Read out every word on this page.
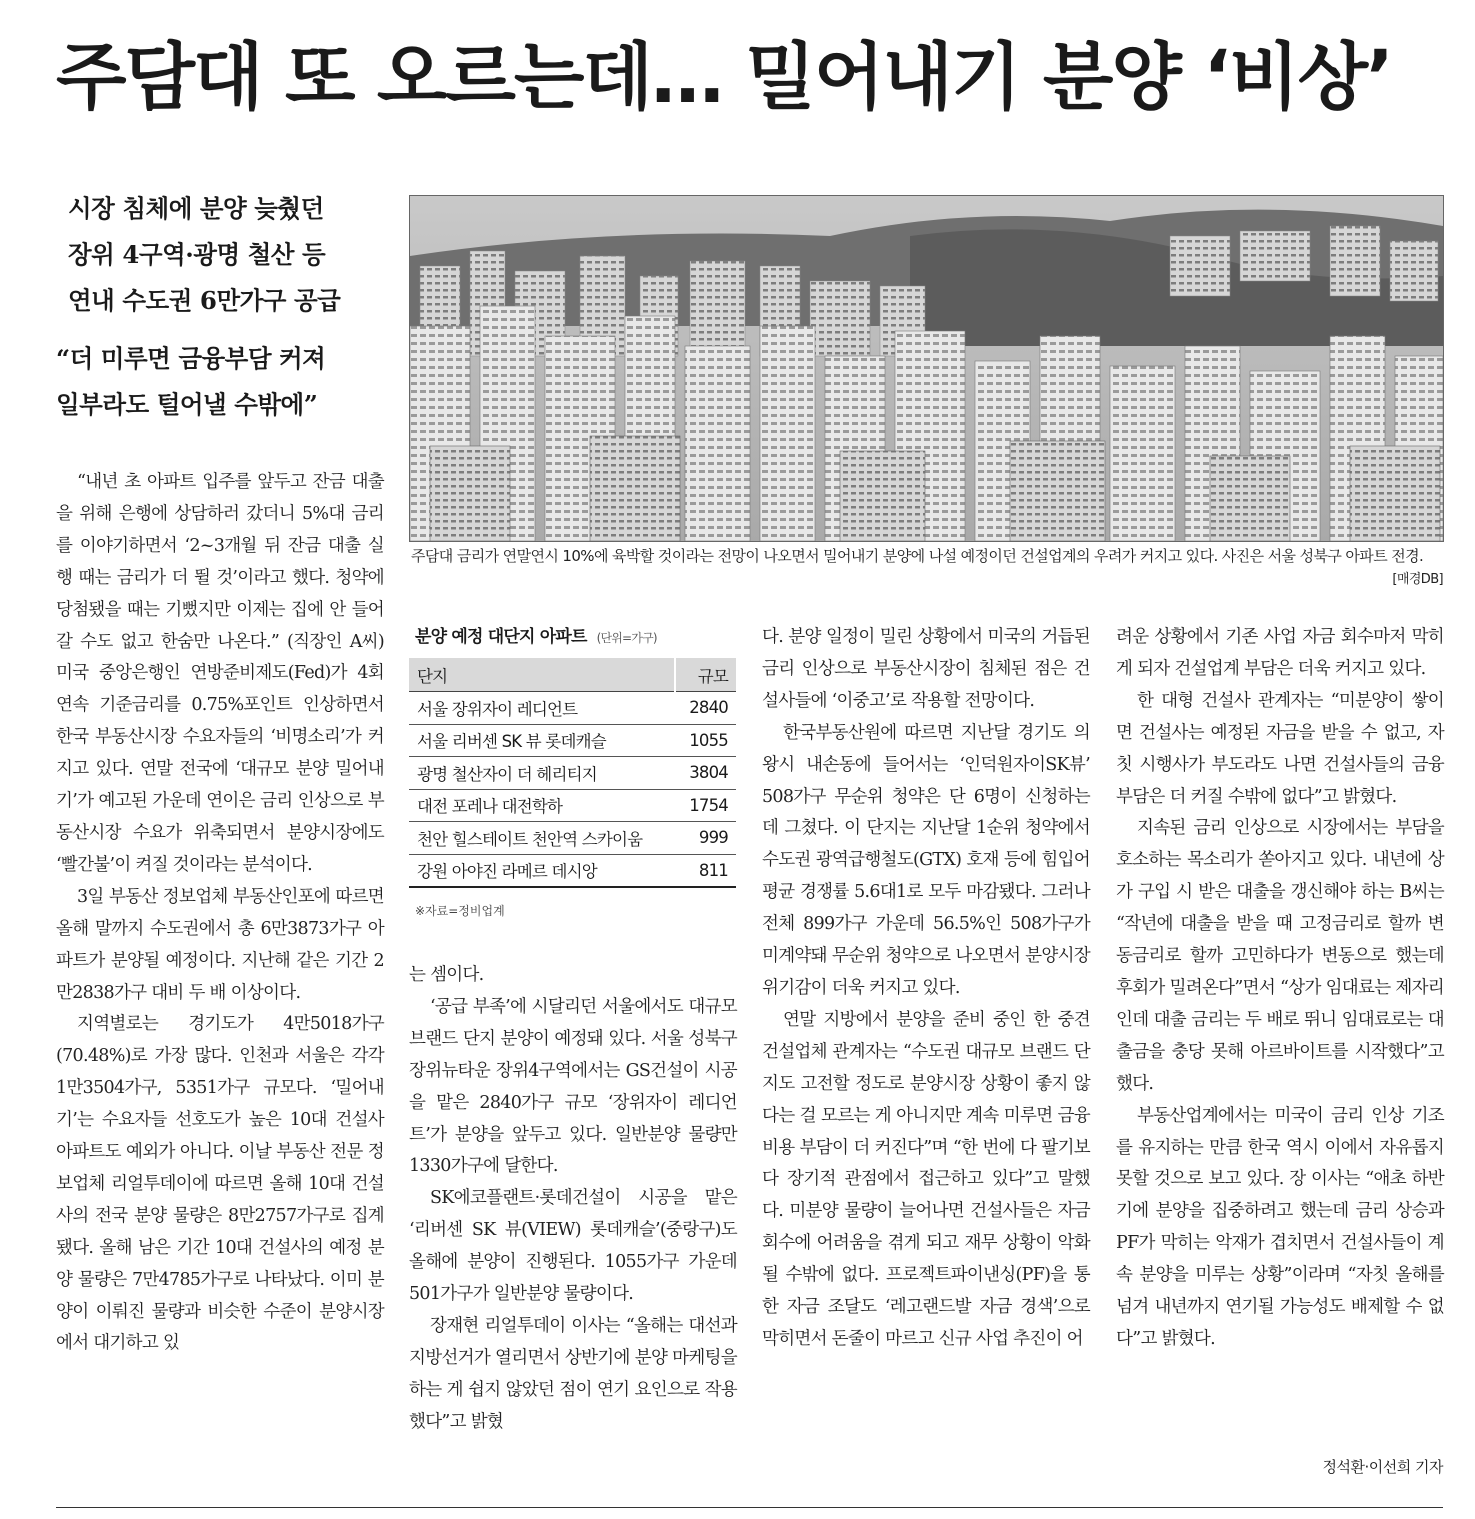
주담대 또 오르는데… 밀어내기 분양 ‘비상’
시장 침체에 분양 늦췄던
장위 4구역·광명 철산 등
연내 수도권 6만가구 공급
“더 미루면 금융부담 커져
일부라도 털어낼 수밖에”
주담대 금리가 연말연시 10%에 육박할 것이라는 전망이 나오면서 밀어내기 분양에 나설 예정이던 건설업계의 우려가 커지고 있다. 사진은 서울 성북구 아파트 전경.
[매경DB]

“내년 초 아파트 입주를 앞두고 잔금 대출을 위해 은행에 상담하러 갔더니 5%대 금리를 이야기하면서 ‘2~3개월 뒤 잔금 대출 실행 때는 금리가 더 뛸 것’이라고 했다. 청약에 당첨됐을 때는 기뻤지만 이제는 집에 안 들어갈 수도 없고 한숨만 나온다.” (직장인 A씨) 미국 중앙은행인 연방준비제도(Fed)가 4회 연속 기준금리를 0.75%포인트 인상하면서 한국 부동산시장 수요자들의 ‘비명소리’가 커지고 있다. 연말 전국에 ‘대규모 분양 밀어내기’가 예고된 가운데 연이은 금리 인상으로 부동산시장 수요가 위축되면서 분양시장에도 ‘빨간불’이 켜질 것이라는 분석이다.

3일 부동산 정보업체 부동산인포에 따르면 올해 말까지 수도권에서 총 6만3873가구 아파트가 분양될 예정이다. 지난해 같은 기간 2만2838가구 대비 두 배 이상이다.

지역별로는 경기도가 4만5018가구(70.48%)로 가장 많다. 인천과 서울은 각각 1만3504가구, 5351가구 규모다. ‘밀어내기’는 수요자들 선호도가 높은 10대 건설사 아파트도 예외가 아니다. 이날 부동산 전문 정보업체 리얼투데이에 따르면 올해 10대 건설사의 전국 분양 물량은 8만2757가구로 집계됐다. 올해 남은 기간 10대 건설사의 예정 분양 물량은 7만4785가구로 나타났다. 이미 분양이 이뤄진 물량과 비슷한 수준이 분양시장에서 대기하고 있

분양 예정 대단지 아파트 (단위=가구)
단지	규모
서울 장위자이 레디언트	2840
서울 리버센 SK 뷰 롯데캐슬	1055
광명 철산자이 더 헤리티지	3804
대전 포레나 대전학하	1754
천안 힐스테이트 천안역 스카이움	999
강원 아야진 라메르 데시앙	811
※자료=정비업계

는 셈이다.

‘공급 부족’에 시달리던 서울에서도 대규모 브랜드 단지 분양이 예정돼 있다. 서울 성북구 장위뉴타운 장위4구역에서는 GS건설이 시공을 맡은 2840가구 규모 ‘장위자이 레디언트’가 분양을 앞두고 있다. 일반분양 물량만 1330가구에 달한다.

SK에코플랜트·롯데건설이 시공을 맡은 ‘리버센 SK 뷰(VIEW) 롯데캐슬’(중랑구)도 올해에 분양이 진행된다. 1055가구 가운데 501가구가 일반분양 물량이다.

장재현 리얼투데이 이사는 “올해는 대선과 지방선거가 열리면서 상반기에 분양 마케팅을 하는 게 쉽지 않았던 점이 연기 요인으로 작용했다”고 밝혔

다. 분양 일정이 밀린 상황에서 미국의 거듭된 금리 인상으로 부동산시장이 침체된 점은 건설사들에 ‘이중고’로 작용할 전망이다.

한국부동산원에 따르면 지난달 경기도 의왕시 내손동에 들어서는 ‘인덕원자이SK뷰’ 508가구 무순위 청약은 단 6명이 신청하는 데 그쳤다. 이 단지는 지난달 1순위 청약에서 수도권 광역급행철도(GTX) 호재 등에 힘입어 평균 경쟁률 5.6대1로 모두 마감됐다. 그러나 전체 899가구 가운데 56.5%인 508가구가 미계약돼 무순위 청약으로 나오면서 분양시장 위기감이 더욱 커지고 있다.

연말 지방에서 분양을 준비 중인 한 중견 건설업체 관계자는 “수도권 대규모 브랜드 단지도 고전할 정도로 분양시장 상황이 좋지 않다는 걸 모르는 게 아니지만 계속 미루면 금융 비용 부담이 더 커진다”며 “한 번에 다 팔기보다 장기적 관점에서 접근하고 있다”고 말했다. 미분양 물량이 늘어나면 건설사들은 자금 회수에 어려움을 겪게 되고 재무 상황이 악화될 수밖에 없다. 프로젝트파이낸싱(PF)을 통한 자금 조달도 ‘레고랜드발 자금 경색’으로 막히면서 돈줄이 마르고 신규 사업 추진이 어

려운 상황에서 기존 사업 자금 회수마저 막히게 되자 건설업계 부담은 더욱 커지고 있다.

한 대형 건설사 관계자는 “미분양이 쌓이면 건설사는 예정된 자금을 받을 수 없고, 자칫 시행사가 부도라도 나면 건설사들의 금융 부담은 더 커질 수밖에 없다”고 밝혔다.

지속된 금리 인상으로 시장에서는 부담을 호소하는 목소리가 쏟아지고 있다. 내년에 상가 구입 시 받은 대출을 갱신해야 하는 B씨는 “작년에 대출을 받을 때 고정금리로 할까 변동금리로 할까 고민하다가 변동으로 했는데 후회가 밀려온다”면서 “상가 임대료는 제자리인데 대출 금리는 두 배로 뛰니 임대료로는 대출금을 충당 못해 아르바이트를 시작했다”고 했다.

부동산업계에서는 미국이 금리 인상 기조를 유지하는 만큼 한국 역시 이에서 자유롭지 못할 것으로 보고 있다. 장 이사는 “애초 하반기에 분양을 집중하려고 했는데 금리 상승과 PF가 막히는 악재가 겹치면서 건설사들이 계속 분양을 미루는 상황”이라며 “자칫 올해를 넘겨 내년까지 연기될 가능성도 배제할 수 없다”고 밝혔다.

정석환·이선희 기자
